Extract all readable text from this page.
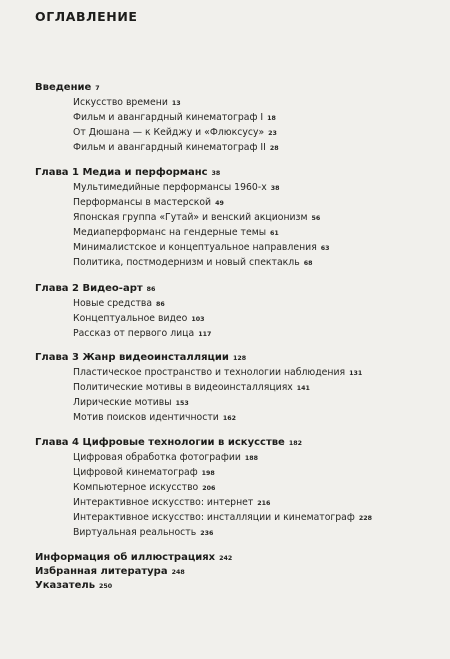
ОГЛАВЛЕНИЕ
Введение 7
Искусство времени 13
Фильм и авангардный кинематограф I 18
От Дюшана — к Кейджу и «Флюксусу» 23
Фильм и авангардный кинематограф II 28
Глава 1 Медиа и перформанс 38
Мультимедийные перформансы 1960-х 38
Перформансы в мастерской 49
Японская группа «Гутай» и венский акционизм 56
Медиаперформанс на гендерные темы 61
Минималистское и концептуальное направления 63
Политика, постмодернизм и новый спектакль 68
Глава 2 Видео-арт 86
Новые средства 86
Концептуальное видео 103
Рассказ от первого лица 117
Глава 3 Жанр видеоинсталляции 128
Пластическое пространство и технологии наблюдения 131
Политические мотивы в видеоинсталляциях 141
Лирические мотивы 153
Мотив поисков идентичности 162
Глава 4 Цифровые технологии в искусстве 182
Цифровая обработка фотографии 188
Цифровой кинематограф 198
Компьютерное искусство 206
Интерактивное искусство: интернет 216
Интерактивное искусство: инсталляции и кинематограф 228
Виртуальная реальность 236
Информация об иллюстрациях 242
Избранная литература 248
Указатель 250
